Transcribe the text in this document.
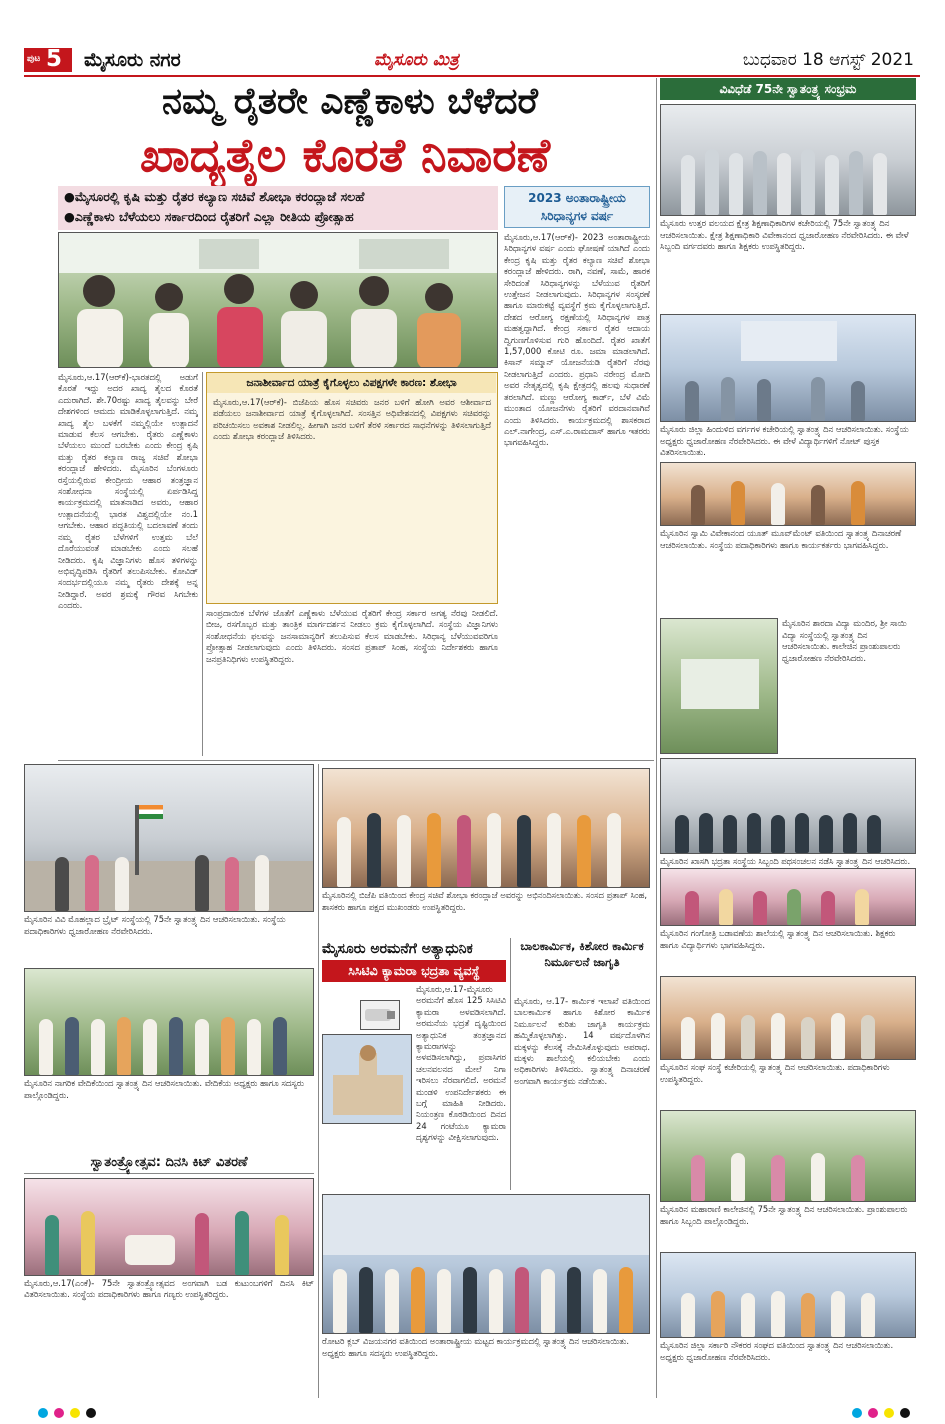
ಪುಟ 5 ಮೈಸೂರು ನಗರ	ಮೈಸೂರು ಮಿತ್ರ	ಬುಧವಾರ 18 ಆಗಸ್ಟ್ 2021
ನಮ್ಮ ರೈತರೇ ಎಣ್ಣೆಕಾಳು ಬೆಳೆದರೆ
ಖಾದ್ಯತೈಲ ಕೊರತೆ ನಿವಾರಣೆ
●ಮೈಸೂರಲ್ಲಿ ಕೃಷಿ ಮತ್ತು ರೈತರ ಕಲ್ಯಾಣ ಸಚಿವೆ ಶೋಭಾ ಕರಂದ್ಲಾಜೆ ಸಲಹೆ
●ಎಣ್ಣೆಕಾಳು ಬೆಳೆಯಲು ಸರ್ಕಾರದಿಂದ ರೈತರಿಗೆ ಎಲ್ಲಾ ರೀತಿಯ ಪ್ರೋತ್ಸಾಹ
ಮೈಸೂರು,ಆ.17(ಆರ್‌ಕೆ)-ಭಾರತದಲ್ಲಿ ಅಡುಗೆ ಕೊರತೆ ಇದ್ದು ಅದರ ಖಾದ್ಯ ತೈಲದ ಕೊರತೆ ಎದುರಾಗಿದೆ. ಶೇ.70ರಷ್ಟು ಖಾದ್ಯ ತೈಲವನ್ನು ಬೇರೆ ದೇಶಗಳಿಂದ ಆಮದು ಮಾಡಿಕೊಳ್ಳಲಾಗುತ್ತಿದೆ. ನಮ್ಮ ಖಾದ್ಯ ತೈಲ ಬಳಕೆಗೆ ನಮ್ಮಲ್ಲಿಯೇ ಉತ್ಪಾದನೆ ಮಾಡುವ ಕೆಲಸ ಆಗಬೇಕು. ರೈತರು ಎಣ್ಣೆಕಾಳು ಬೆಳೆಯಲು ಮುಂದೆ ಬರಬೇಕು ಎಂದು ಕೇಂದ್ರ ಕೃಷಿ ಮತ್ತು ರೈತರ ಕಲ್ಯಾಣ ರಾಜ್ಯ ಸಚಿವೆ ಶೋಭಾ ಕರಂದ್ಲಾಜೆ ಹೇಳಿದರು. ಮೈಸೂರಿನ ಬೆಂಗಳೂರು ರಸ್ತೆಯಲ್ಲಿರುವ ಕೇಂದ್ರೀಯ ಆಹಾರ ತಂತ್ರಜ್ಞಾನ ಸಂಶೋಧನಾ ಸಂಸ್ಥೆಯಲ್ಲಿ ಏರ್ಪಡಿಸಿದ್ದ ಕಾರ್ಯಕ್ರಮದಲ್ಲಿ ಮಾತನಾಡಿದ ಅವರು, ಆಹಾರ ಉತ್ಪಾದನೆಯಲ್ಲಿ ಭಾರತ ವಿಶ್ವದಲ್ಲಿಯೇ ನಂ.1 ಆಗಬೇಕು. ಆಹಾರ ಪದ್ಧತಿಯಲ್ಲಿ ಬದಲಾವಣೆ ತಂದು ನಮ್ಮ ರೈತರ ಬೆಳೆಗಳಿಗೆ ಉತ್ತಮ ಬೆಲೆ ದೊರೆಯುವಂತೆ ಮಾಡಬೇಕು ಎಂದು ಸಲಹೆ ನೀಡಿದರು. ಕೃಷಿ ವಿಜ್ಞಾನಿಗಳು ಹೊಸ ತಳಿಗಳನ್ನು ಅಭಿವೃದ್ಧಿಪಡಿಸಿ ರೈತರಿಗೆ ತಲುಪಿಸಬೇಕು. ಕೋವಿಡ್ ಸಂದರ್ಭದಲ್ಲಿಯೂ ನಮ್ಮ ರೈತರು ದೇಶಕ್ಕೆ ಅನ್ನ ನೀಡಿದ್ದಾರೆ. ಅವರ ಶ್ರಮಕ್ಕೆ ಗೌರವ ಸಿಗಬೇಕು ಎಂದರು.
ಜನಾಶೀರ್ವಾದ ಯಾತ್ರೆ ಕೈಗೊಳ್ಳಲು ವಿಪಕ್ಷಗಳೇ ಕಾರಣ: ಶೋಭಾ
ಮೈಸೂರು,ಆ.17(ಆರ್‌ಕೆ)- ಬಿಜೆಪಿಯ ಹೊಸ ಸಚಿವರು ಜನರ ಬಳಿಗೆ ಹೋಗಿ ಅವರ ಆಶೀರ್ವಾದ ಪಡೆಯಲು ಜನಾಶೀರ್ವಾದ ಯಾತ್ರೆ ಕೈಗೊಳ್ಳಲಾಗಿದೆ. ಸಂಸತ್ತಿನ ಅಧಿವೇಶನದಲ್ಲಿ ವಿಪಕ್ಷಗಳು ಸಚಿವರನ್ನು ಪರಿಚಯಿಸಲು ಅವಕಾಶ ನೀಡಲಿಲ್ಲ. ಹೀಗಾಗಿ ಜನರ ಬಳಿಗೆ ತೆರಳಿ ಸರ್ಕಾರದ ಸಾಧನೆಗಳನ್ನು ತಿಳಿಸಲಾಗುತ್ತಿದೆ ಎಂದು ಶೋಭಾ ಕರಂದ್ಲಾಜೆ ತಿಳಿಸಿದರು.
ಸಾಂಪ್ರದಾಯಿಕ ಬೆಳೆಗಳ ಜೊತೆಗೆ ಎಣ್ಣೆಕಾಳು ಬೆಳೆಯುವ ರೈತರಿಗೆ ಕೇಂದ್ರ ಸರ್ಕಾರ ಅಗತ್ಯ ನೆರವು ನೀಡಲಿದೆ. ಬೀಜ, ರಸಗೊಬ್ಬರ ಮತ್ತು ತಾಂತ್ರಿಕ ಮಾರ್ಗದರ್ಶನ ನೀಡಲು ಕ್ರಮ ಕೈಗೊಳ್ಳಲಾಗಿದೆ. ಸಂಸ್ಥೆಯ ವಿಜ್ಞಾನಿಗಳು ಸಂಶೋಧನೆಯ ಫಲವನ್ನು ಜನಸಾಮಾನ್ಯರಿಗೆ ತಲುಪಿಸುವ ಕೆಲಸ ಮಾಡಬೇಕು. ಸಿರಿಧಾನ್ಯ ಬೆಳೆಯುವವರಿಗೂ ಪ್ರೋತ್ಸಾಹ ನೀಡಲಾಗುವುದು ಎಂದು ತಿಳಿಸಿದರು. ಸಂಸದ ಪ್ರತಾಪ್ ಸಿಂಹ, ಸಂಸ್ಥೆಯ ನಿರ್ದೇಶಕರು ಹಾಗೂ ಜನಪ್ರತಿನಿಧಿಗಳು ಉಪಸ್ಥಿತರಿದ್ದರು.
2023 ಅಂತಾರಾಷ್ಟ್ರೀಯ ಸಿರಿಧಾನ್ಯಗಳ ವರ್ಷ
ಮೈಸೂರು,ಆ.17(ಆರ್‌ಕೆ)- 2023 ಅಂತಾರಾಷ್ಟ್ರೀಯ ಸಿರಿಧಾನ್ಯಗಳ ವರ್ಷ ಎಂದು ಘೋಷಣೆ ಯಾಗಿದೆ ಎಂದು ಕೇಂದ್ರ ಕೃಷಿ ಮತ್ತು ರೈತರ ಕಲ್ಯಾಣ ಸಚಿವೆ ಶೋಭಾ ಕರಂದ್ಲಾಜೆ ಹೇಳಿದರು. ರಾಗಿ, ನವಣೆ, ಸಾಮೆ, ಹಾರಕ ಸೇರಿದಂತೆ ಸಿರಿಧಾನ್ಯಗಳನ್ನು ಬೆಳೆಯುವ ರೈತರಿಗೆ ಉತ್ತೇಜನ ನೀಡಲಾಗುವುದು. ಸಿರಿಧಾನ್ಯಗಳ ಸಂಸ್ಕರಣೆ ಹಾಗೂ ಮಾರುಕಟ್ಟೆ ವ್ಯವಸ್ಥೆಗೆ ಕ್ರಮ ಕೈಗೊಳ್ಳಲಾಗುತ್ತಿದೆ. ದೇಶದ ಆರೋಗ್ಯ ರಕ್ಷಣೆಯಲ್ಲಿ ಸಿರಿಧಾನ್ಯಗಳ ಪಾತ್ರ ಮಹತ್ವದ್ದಾಗಿದೆ. ಕೇಂದ್ರ ಸರ್ಕಾರ ರೈತರ ಆದಾಯ ದ್ವಿಗುಣಗೊಳಿಸುವ ಗುರಿ ಹೊಂದಿದೆ. ರೈತರ ಖಾತೆಗೆ 1,57,000 ಕೋಟಿ ರೂ. ಜಮಾ ಮಾಡಲಾಗಿದೆ. ಕಿಸಾನ್ ಸಮ್ಮಾನ್ ಯೋಜನೆಯಡಿ ರೈತರಿಗೆ ನೆರವು ನೀಡಲಾಗುತ್ತಿದೆ ಎಂದರು. ಪ್ರಧಾನಿ ನರೇಂದ್ರ ಮೋದಿ ಅವರ ನೇತೃತ್ವದಲ್ಲಿ ಕೃಷಿ ಕ್ಷೇತ್ರದಲ್ಲಿ ಹಲವು ಸುಧಾರಣೆ ತರಲಾಗಿದೆ. ಮಣ್ಣು ಆರೋಗ್ಯ ಕಾರ್ಡ್, ಬೆಳೆ ವಿಮೆ ಮುಂತಾದ ಯೋಜನೆಗಳು ರೈತರಿಗೆ ವರದಾನವಾಗಿವೆ ಎಂದು ತಿಳಿಸಿದರು. ಕಾರ್ಯಕ್ರಮದಲ್ಲಿ ಶಾಸಕರಾದ ಎಲ್.ನಾಗೇಂದ್ರ, ಎಸ್.ಎ.ರಾಮದಾಸ್ ಹಾಗೂ ಇತರರು ಭಾಗವಹಿಸಿದ್ದರು.
ವಿವಿಧೆಡೆ 75ನೇ ಸ್ವಾತಂತ್ರ್ಯ ಸಂಭ್ರಮ
ಮೈಸೂರು ಉತ್ತರ ವಲಯದ ಕ್ಷೇತ್ರ ಶಿಕ್ಷಣಾಧಿಕಾರಿಗಳ ಕಚೇರಿಯಲ್ಲಿ 75ನೇ ಸ್ವಾತಂತ್ರ್ಯ ದಿನ ಆಚರಿಸಲಾಯಿತು. ಕ್ಷೇತ್ರ ಶಿಕ್ಷಣಾಧಿಕಾರಿ ವಿವೇಕಾನಂದ ಧ್ವಜಾರೋಹಣ ನೆರವೇರಿಸಿದರು. ಈ ವೇಳೆ ಸಿಬ್ಬಂದಿ ವರ್ಗದವರು ಹಾಗೂ ಶಿಕ್ಷಕರು ಉಪಸ್ಥಿತರಿದ್ದರು.
ಮೈಸೂರು ಜಿಲ್ಲಾ ಹಿಂದುಳಿದ ವರ್ಗಗಳ ಕಚೇರಿಯಲ್ಲಿ ಸ್ವಾತಂತ್ರ್ಯ ದಿನ ಆಚರಿಸಲಾಯಿತು. ಸಂಸ್ಥೆಯ ಅಧ್ಯಕ್ಷರು ಧ್ವಜಾರೋಹಣ ನೆರವೇರಿಸಿದರು. ಈ ವೇಳೆ ವಿದ್ಯಾರ್ಥಿಗಳಿಗೆ ನೋಟ್ ಪುಸ್ತಕ ವಿತರಿಸಲಾಯಿತು.
ಮೈಸೂರಿನ ಸ್ವಾಮಿ ವಿವೇಕಾನಂದ ಯೂತ್ ಮೂವ್‌ಮೆಂಟ್ ವತಿಯಿಂದ ಸ್ವಾತಂತ್ರ್ಯ ದಿನಾಚರಣೆ ಆಚರಿಸಲಾಯಿತು. ಸಂಸ್ಥೆಯ ಪದಾಧಿಕಾರಿಗಳು ಹಾಗೂ ಕಾರ್ಯಕರ್ತರು ಭಾಗವಹಿಸಿದ್ದರು.
ಮೈಸೂರಿನ ಶಾರದಾ ವಿದ್ಯಾ ಮಂದಿರ, ಶ್ರೀ ಸಾಯಿ ವಿದ್ಯಾ ಸಂಸ್ಥೆಯಲ್ಲಿ ಸ್ವಾತಂತ್ರ್ಯ ದಿನ ಆಚರಿಸಲಾಯಿತು. ಕಾಲೇಜಿನ ಪ್ರಾಂಶುಪಾಲರು ಧ್ವಜಾರೋಹಣ ನೆರವೇರಿಸಿದರು.
ಮೈಸೂರಿನ ಖಾಸಗಿ ಭದ್ರತಾ ಸಂಸ್ಥೆಯ ಸಿಬ್ಬಂದಿ ಪಥಸಂಚಲನ ನಡೆಸಿ ಸ್ವಾತಂತ್ರ್ಯ ದಿನ ಆಚರಿಸಿದರು.
ಮೈಸೂರಿನ ಗಂಗೋತ್ರಿ ಬಡಾವಣೆಯ ಶಾಲೆಯಲ್ಲಿ ಸ್ವಾತಂತ್ರ್ಯ ದಿನ ಆಚರಿಸಲಾಯಿತು. ಶಿಕ್ಷಕರು ಹಾಗೂ ವಿದ್ಯಾರ್ಥಿಗಳು ಭಾಗವಹಿಸಿದ್ದರು.
ಮೈಸೂರಿನ ಸಂಘ ಸಂಸ್ಥೆ ಕಚೇರಿಯಲ್ಲಿ ಸ್ವಾತಂತ್ರ್ಯ ದಿನ ಆಚರಿಸಲಾಯಿತು. ಪದಾಧಿಕಾರಿಗಳು ಉಪಸ್ಥಿತರಿದ್ದರು.
ಮೈಸೂರಿನ ಮಹಾರಾಣಿ ಕಾಲೇಜಿನಲ್ಲಿ 75ನೇ ಸ್ವಾತಂತ್ರ್ಯ ದಿನ ಆಚರಿಸಲಾಯಿತು. ಪ್ರಾಂಶುಪಾಲರು ಹಾಗೂ ಸಿಬ್ಬಂದಿ ಪಾಲ್ಗೊಂಡಿದ್ದರು.
ಮೈಸೂರಿನ ಜಿಲ್ಲಾ ಸರ್ಕಾರಿ ನೌಕರರ ಸಂಘದ ವತಿಯಿಂದ ಸ್ವಾತಂತ್ರ್ಯ ದಿನ ಆಚರಿಸಲಾಯಿತು. ಅಧ್ಯಕ್ಷರು ಧ್ವಜಾರೋಹಣ ನೆರವೇರಿಸಿದರು.
ಮೈಸೂರಿನ ವಿವಿ ಮೊಹಲ್ಲಾದ ಬ್ರೈಟ್ ಸಂಸ್ಥೆಯಲ್ಲಿ 75ನೇ ಸ್ವಾತಂತ್ರ್ಯ ದಿನ ಆಚರಿಸಲಾಯಿತು. ಸಂಸ್ಥೆಯ ಪದಾಧಿಕಾರಿಗಳು ಧ್ವಜಾರೋಹಣ ನೆರವೇರಿಸಿದರು.
ಮೈಸೂರಿನ ನಾಗರಿಕ ವೇದಿಕೆಯಿಂದ ಸ್ವಾತಂತ್ರ್ಯ ದಿನ ಆಚರಿಸಲಾಯಿತು. ವೇದಿಕೆಯ ಅಧ್ಯಕ್ಷರು ಹಾಗೂ ಸದಸ್ಯರು ಪಾಲ್ಗೊಂಡಿದ್ದರು.
ಸ್ವಾತಂತ್ರ್ಯೋತ್ಸವ: ದಿನಸಿ ಕಿಟ್ ವಿತರಣೆ
ಮೈಸೂರು,ಆ.17(ಎಂಕೆ)- 75ನೇ ಸ್ವಾತಂತ್ರ್ಯೋತ್ಸವದ ಅಂಗವಾಗಿ ಬಡ ಕುಟುಂಬಗಳಿಗೆ ದಿನಸಿ ಕಿಟ್ ವಿತರಿಸಲಾಯಿತು. ಸಂಸ್ಥೆಯ ಪದಾಧಿಕಾರಿಗಳು ಹಾಗೂ ಗಣ್ಯರು ಉಪಸ್ಥಿತರಿದ್ದರು.
ಮೈಸೂರಿನಲ್ಲಿ ಬಿಜೆಪಿ ವತಿಯಿಂದ ಕೇಂದ್ರ ಸಚಿವೆ ಶೋಭಾ ಕರಂದ್ಲಾಜೆ ಅವರನ್ನು ಅಭಿನಂದಿಸಲಾಯಿತು. ಸಂಸದ ಪ್ರತಾಪ್ ಸಿಂಹ, ಶಾಸಕರು ಹಾಗೂ ಪಕ್ಷದ ಮುಖಂಡರು ಉಪಸ್ಥಿತರಿದ್ದರು.
ಮೈಸೂರು ಅರಮನೆಗೆ ಅತ್ಯಾಧುನಿಕ
ಸಿಸಿಟಿವಿ ಕ್ಯಾಮರಾ ಭದ್ರತಾ ವ್ಯವಸ್ಥೆ
ಮೈಸೂರು,ಆ.17-ಮೈಸೂರು ಅರಮನೆಗೆ ಹೊಸ 125 ಸಿಸಿಟಿವಿ ಕ್ಯಾಮರಾ ಅಳವಡಿಸಲಾಗಿದೆ. ಅರಮನೆಯ ಭದ್ರತೆ ದೃಷ್ಟಿಯಿಂದ ಅತ್ಯಾಧುನಿಕ ತಂತ್ರಜ್ಞಾನದ ಕ್ಯಾಮರಾಗಳನ್ನು ಅಳವಡಿಸಲಾಗಿದ್ದು, ಪ್ರವಾಸಿಗರ ಚಲನವಲನದ ಮೇಲೆ ನಿಗಾ ಇರಿಸಲು ನೆರವಾಗಲಿದೆ. ಅರಮನೆ ಮಂಡಳಿ ಉಪನಿರ್ದೇಶಕರು ಈ ಬಗ್ಗೆ ಮಾಹಿತಿ ನೀಡಿದರು. ನಿಯಂತ್ರಣ ಕೊಠಡಿಯಿಂದ ದಿನದ 24 ಗಂಟೆಯೂ ಕ್ಯಾಮರಾ ದೃಶ್ಯಗಳನ್ನು ವೀಕ್ಷಿಸಲಾಗುವುದು.
ಬಾಲಕಾರ್ಮಿಕ, ಕಿಶೋರ ಕಾರ್ಮಿಕ ನಿರ್ಮೂಲನೆ ಜಾಗೃತಿ
ಮೈಸೂರು, ಆ.17- ಕಾರ್ಮಿಕ ಇಲಾಖೆ ವತಿಯಿಂದ ಬಾಲಕಾರ್ಮಿಕ ಹಾಗೂ ಕಿಶೋರ ಕಾರ್ಮಿಕ ನಿರ್ಮೂಲನೆ ಕುರಿತು ಜಾಗೃತಿ ಕಾರ್ಯಕ್ರಮ ಹಮ್ಮಿಕೊಳ್ಳಲಾಗಿತ್ತು. 14 ವರ್ಷದೊಳಗಿನ ಮಕ್ಕಳನ್ನು ಕೆಲಸಕ್ಕೆ ನೇಮಿಸಿಕೊಳ್ಳುವುದು ಅಪರಾಧ. ಮಕ್ಕಳು ಶಾಲೆಯಲ್ಲಿ ಕಲಿಯಬೇಕು ಎಂದು ಅಧಿಕಾರಿಗಳು ತಿಳಿಸಿದರು. ಸ್ವಾತಂತ್ರ್ಯ ದಿನಾಚರಣೆ ಅಂಗವಾಗಿ ಕಾರ್ಯಕ್ರಮ ನಡೆಯಿತು.
ರೋಟರಿ ಕ್ಲಬ್ ವಿಜಯನಗರ ವತಿಯಿಂದ ಅಂತಾರಾಷ್ಟ್ರೀಯ ಮಟ್ಟದ ಕಾರ್ಯಕ್ರಮದಲ್ಲಿ ಸ್ವಾತಂತ್ರ್ಯ ದಿನ ಆಚರಿಸಲಾಯಿತು. ಅಧ್ಯಕ್ಷರು ಹಾಗೂ ಸದಸ್ಯರು ಉಪಸ್ಥಿತರಿದ್ದರು.
